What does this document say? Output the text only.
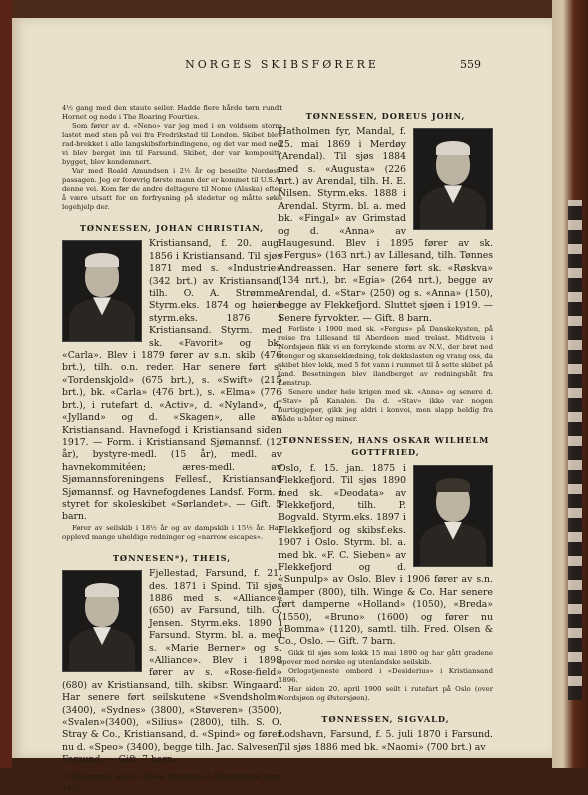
NORGES SKIBSFØRERE	559

4½ gang med den staute seiler. Hadde flere hårde tørn rundt Hornet og nede i The Roaring Fourties.

Som fører av d. «Neno» var jeg med i en voldsom storm lastet med sten på vei fra Fredrikstad til London. Skibet blev rad-brekket i alle langskibsforbindingene, og det var med nød vi blev berget inn til Farsund. Skibet, der var kompositt-bygget, blev kondemnert.

Var med Roald Amundsen i 2½ år og beseilte Nordøst-passagen. Jeg er forøvrig første mann der er kommet til U.S.A. denne vei. Kom før de andre deltagere til Nome (Alaska) efter å være utsatt for en forfrysning på sledetur og måtte søke legehjelp der.

TØNNESSEN, JOHAN CHRISTIAN,

Kristiansand, f. 20. aug. 1856 i Kristiansand. Til sjøs 1871 med s. «Industrie» (342 brt.) av Kristiansand, tilh. O. A. Strømme. Styrm.eks. 1874 og høiere styrm.eks. 1876 i Kristiansand. Styrm. med sk. «Favorit» og bk. «Carla». Blev i 1879 fører av s.n. skib (476 brt.), tilh. o.n. reder. Har senere ført s. «Tordenskjold» (675 brt.), s. «Swift» (215 brt.), bk. «Carla» (476 brt.), s. «Elma» (776 brt.), i rutefart d. «Activ», d. «Nyland», d. «Jylland» og d. «Skagen», alle av Kristiansand. Havnefogd i Kristiansand siden 1917. — Form. i Kristiansand Sjømannsf. (12 år), bystyre-medl. (15 år), medl. av havnekommitéen; æres-medl. av Sjømannsforeningens Fellesf., Kristiansand Sjømannsf. og Havnefogdenes Landsf. Form. i styret for skoleskibet «Sørlandet». — Gift. 5 barn.

Fører av seilskib i 18½ år og av dampskib i 15½ år. Har opplevd mange uheldige redninger og «narrow escapes».

TØNNESEN*), THEIS,

Fjellestad, Farsund, f. 21. des. 1871 i Spind. Til sjøs 1886 med s. «Alliance» (650) av Farsund, tilh. G. Jensen. Styrm.eks. 1890 i Farsund. Styrm. bl. a. med s. «Marie Berner» og s. «Alliance». Blev i 1898 fører av s. «Rose-field» (680) av Kristiansand, tilh. skibsr. Wingaard. Har senere ført seilskutene «Svendsholm» (3400), «Sydnes» (3800), «Støveren» (3500), «Svalen»(3400), «Silius» (2800), tilh. S. O. Stray & Co., Kristiansand, d. «Spind» og fører nu d. «Speo» (3400), begge tilh. Jac. Salvesen, Farsund. — Gift. 7 barn.

*) Omkommet ved d. «Speos forsvinnen i Atlanterhavet mars 1935.

TØNNESSEN, DOREUS JOHN,

Hatholmen fyr, Mandal, f. 25. mai 1869 i Merdøy (Arendal). Til sjøs 1884 med s. «Augusta» (226 nrt.) av Arendal, tilh. H. E. Nilsen. Styrm.eks. 1888 i Arendal. Styrm. bl. a. med bk. «Fingal» av Grimstad og d. «Anna» av Haugesund. Blev i 1895 fører av sk. «Fergus» (163 nrt.) av Lillesand, tilh. Tønnes Andreassen. Har senere ført sk. «Røskva» (134 nrt.), br. «Egia» (264 nrt.), begge av Arendal, d. «Star» (250) og s. «Anna» (150), begge av Flekkefjord. Sluttet sjøen i 1919. — Senere fyrvokter. — Gift. 8 barn.

Forliste i 1900 med sk. «Fergus» på Danskekysten, på reise fra Lillesand til Aberdeen med trelast. Midtveis i Nordsjøen fikk vi en forrykende storm av N.V., der brøt ned stenger og skanseklædning, tok dekkslasten og vrang oss, da skibet blev lekk, med 5 fot vann i rummet til å sette skibet på land. Besetningen blev ilandberget av redningsbåt fra Lønstrup.

Senere under hele krigen med sk. «Anna» og senere d. «Stav» på Kanalen. Da d. «Stav» ikke var nogen hurtiggjeper, gikk jeg aldri i konvoi, men slapp heldig fra både u-båter og miner.

TØNNESSEN, HANS OSKAR WILHELM GOTTFRIED,

Oslo, f. 15. jan. 1875 i Flekkefjord. Til sjøs 1890 med sk. «Deodata» av Flekkefjord, tilh. P. Bogvald. Styrm.eks. 1897 i Flekkefjord og skibsf.eks. 1907 i Oslo. Styrm. bl. a. med bk. «F. C. Sieben» av Flekkefjord og d. «Sunpulp» av Oslo. Blev i 1906 fører av s.n. damper (800), tilh. Winge & Co. Har senere ført damperne «Holland» (1050), «Breda» (1550), «Bruno» (1600) og fører nu «Bomma» (1120), samtl. tilh. Fred. Olsen & Co., Oslo. — Gift. 7 barn.

Gikk til sjøs som kokk 15 mai 1890 og har gått gradene opover med norske og utenlandske seilskib.

Orlogstjeneste ombord i «Desiderius» i Kristiansand 1896.

Har siden 20. april 1900 seilt i rutefart på Oslo (over Nordsjøen og Østersjøen).

TØNNESSEN, SIGVALD,

Lodshavn, Farsund, f. 5. juli 1870 i Farsund. Til sjøs 1886 med bk. «Naomi» (700 brt.) av
